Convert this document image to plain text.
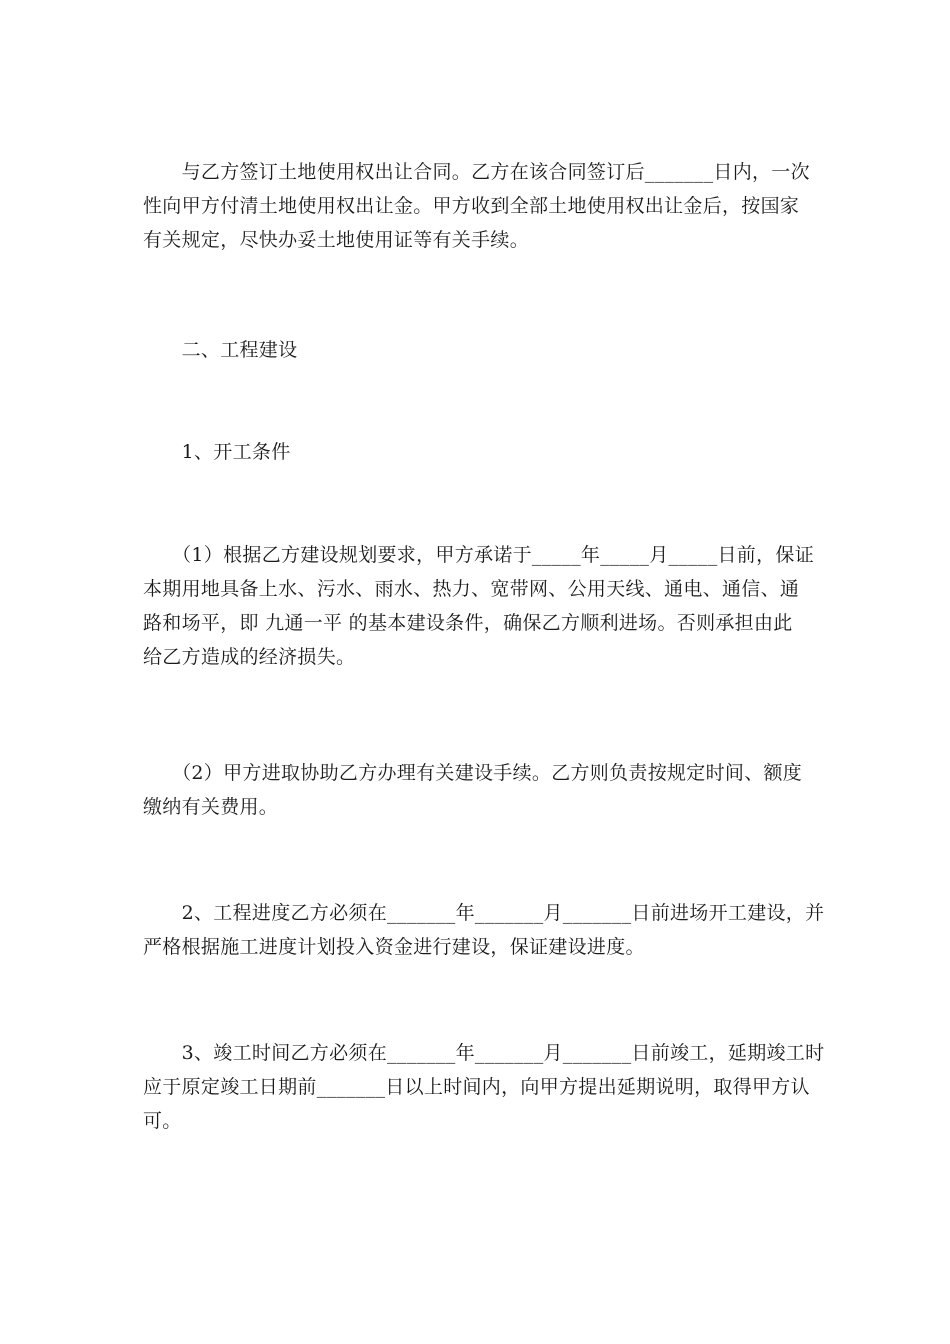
　　与乙方签订土地使用权出让合同。乙方在该合同签订后_______日内，一次
性向甲方付清土地使用权出让金。甲方收到全部土地使用权出让金后，按国家
有关规定，尽快办妥土地使用证等有关手续。
　　二、工程建设
　　1、开工条件
　　（1）根据乙方建设规划要求，甲方承诺于_____年_____月_____日前，保证
本期用地具备上水、污水、雨水、热力、宽带网、公用天线、通电、通信、通
路和场平，即 九通一平 的基本建设条件，确保乙方顺利进场。否则承担由此
给乙方造成的经济损失。
　　（2）甲方进取协助乙方办理有关建设手续。乙方则负责按规定时间、额度
缴纳有关费用。
　　2、工程进度乙方必须在_______年_______月_______日前进场开工建设，并
严格根据施工进度计划投入资金进行建设，保证建设进度。
　　3、竣工时间乙方必须在_______年_______月_______日前竣工，延期竣工时
应于原定竣工日期前_______日以上时间内，向甲方提出延期说明，取得甲方认
可。
